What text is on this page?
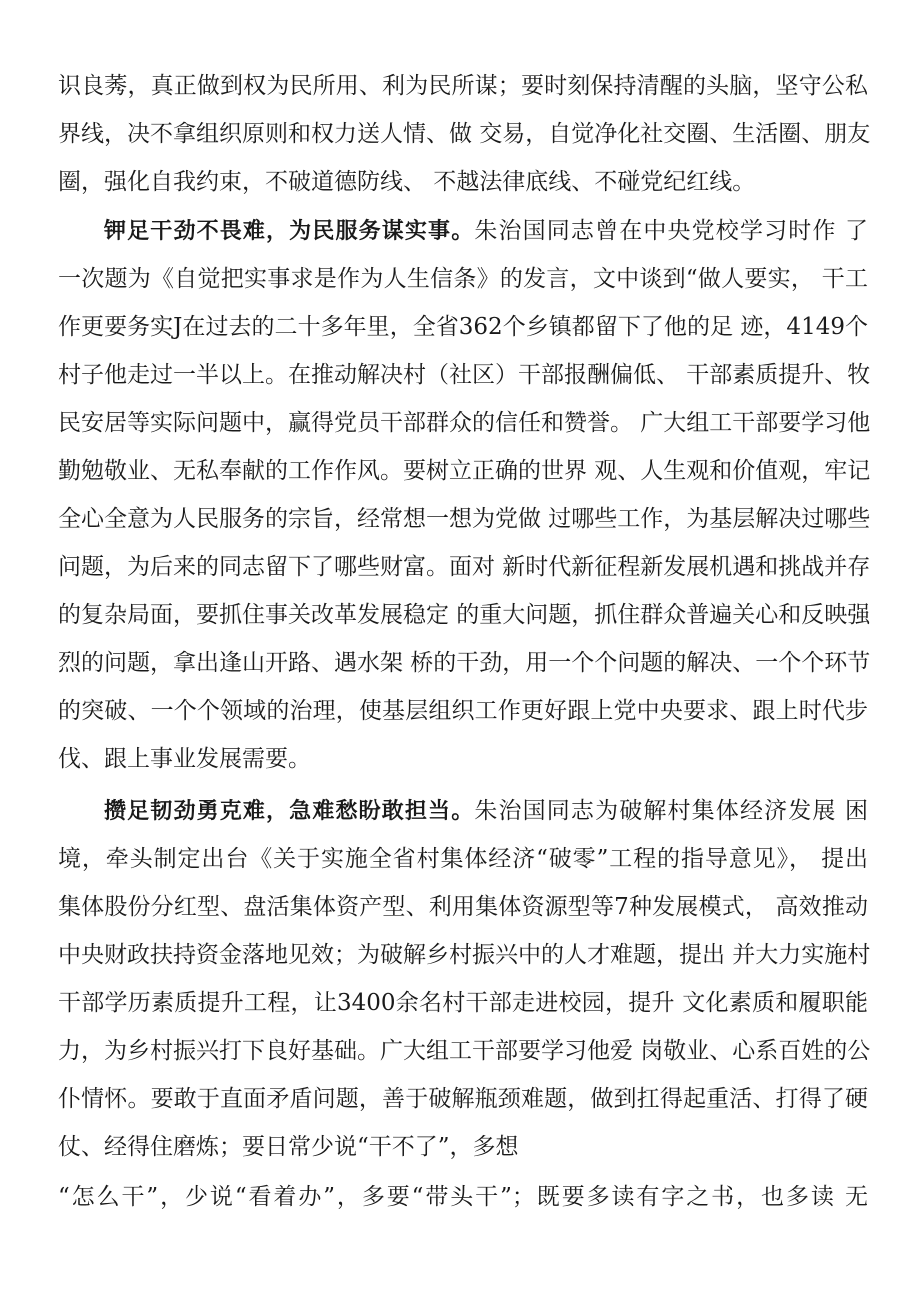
识良莠，真正做到权为民所用、利为民所谋；要时刻保持清醒的头脑，坚守公私
界线，决不拿组织原则和权力送人情、做 交易，自觉净化社交圈、生活圈、朋友
圈，强化自我约束，不破道德防线、 不越法律底线、不碰党纪红线。
钾足干劲不畏难，为民服务谋实事。朱治国同志曾在中央党校学习时作 了
一次题为《自觉把实事求是作为人生信条》的发言，文中谈到“做人要实， 干工
作更要务实J在过去的二十多年里，全省362个乡镇都留下了他的足 迹，4149个
村子他走过一半以上。在推动解决村（社区）干部报酬偏低、 干部素质提升、牧
民安居等实际问题中，赢得党员干部群众的信任和赞誉。 广大组工干部要学习他
勤勉敬业、无私奉献的工作作风。要树立正确的世界 观、人生观和价值观，牢记
全心全意为人民服务的宗旨，经常想一想为党做 过哪些工作，为基层解决过哪些
问题，为后来的同志留下了哪些财富。面对 新时代新征程新发展机遇和挑战并存
的复杂局面，要抓住事关改革发展稳定 的重大问题，抓住群众普遍关心和反映强
烈的问题，拿出逢山开路、遇水架 桥的干劲，用一个个问题的解决、一个个环节
的突破、一个个领域的治理，使基层组织工作更好跟上党中央要求、跟上时代步
伐、跟上事业发展需要。
攒足韧劲勇克难，急难愁盼敢担当。朱治国同志为破解村集体经济发展 困
境，牵头制定出台《关于实施全省村集体经济“破零”工程的指导意见》， 提出
集体股份分红型、盘活集体资产型、利用集体资源型等7种发展模式， 高效推动
中央财政扶持资金落地见效；为破解乡村振兴中的人才难题，提出 并大力实施村
干部学历素质提升工程，让3400余名村干部走进校园，提升 文化素质和履职能
力，为乡村振兴打下良好基础。广大组工干部要学习他爱 岗敬业、心系百姓的公
仆情怀。要敢于直面矛盾问题，善于破解瓶颈难题，做到扛得起重活、打得了硬
仗、经得住磨炼；要日常少说“干不了”，多想
“怎么干”，少说“看着办”，多要“带头干”；既要多读有字之书，也多读 无
